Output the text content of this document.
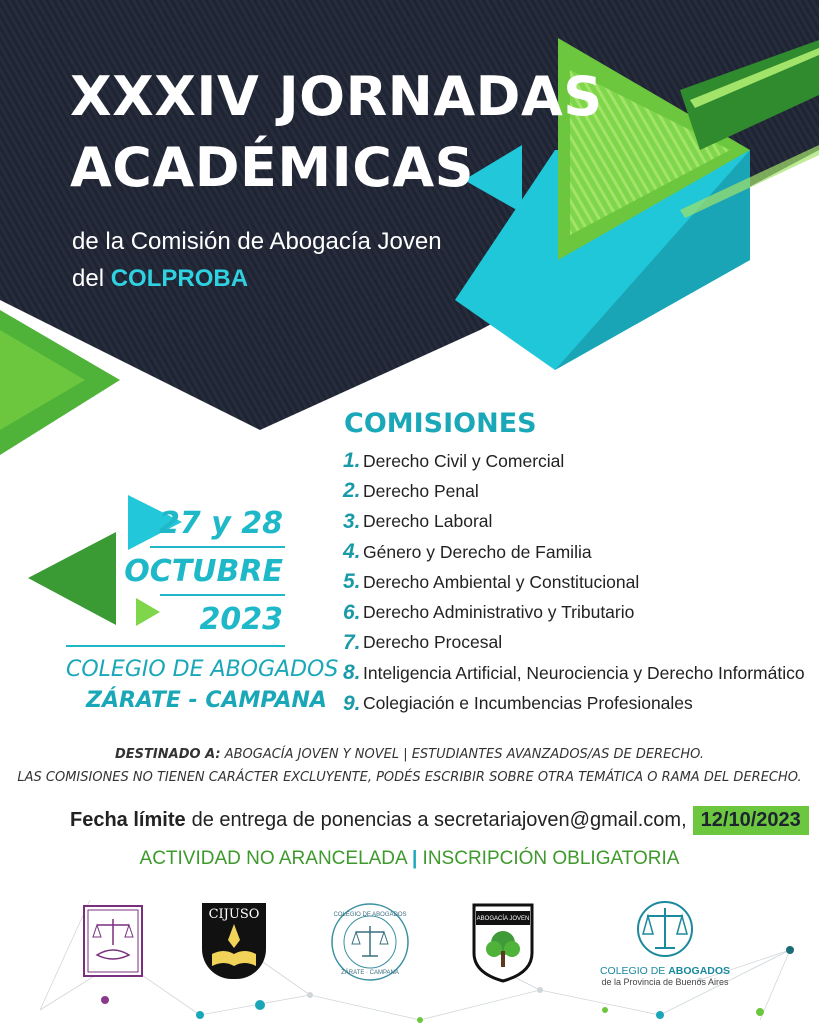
XXXIV JORNADAS
ACADÉMICAS
de la Comisión de Abogacía Joven
del COLPROBA
COMISIONES
1. Derecho Civil y Comercial
2. Derecho Penal
3. Derecho Laboral
4. Género y Derecho de Familia
5. Derecho Ambiental y Constitucional
6. Derecho Administrativo y Tributario
7. Derecho Procesal
8. Inteligencia Artificial, Neurociencia y Derecho Informático
9. Colegiación e Incumbencias Profesionales
27 y 28
OCTUBRE
2023
COLEGIO DE ABOGADOS
ZÁRATE - CAMPANA
DESTINADO A: ABOGACÍA JOVEN Y NOVEL | ESTUDIANTES AVANZADOS/AS DE DERECHO.
LAS COMISIONES NO TIENEN CARÁCTER EXCLUYENTE, PODÉS ESCRIBIR SOBRE OTRA TEMÁTICA O RAMA DEL DERECHO.
Fecha límite de entrega de ponencias a secretariajoven@gmail.com, 12/10/2023
ACTIVIDAD NO ARANCELADA | INSCRIPCIÓN OBLIGATORIA
CIJUSO	COLEGIO DE ABOGADOS
ZÁRATE · CAMPANA
ABOGACÍA JOVEN
COLEGIO DE ABOGADOS
de la Provincia de Buenos Aires
